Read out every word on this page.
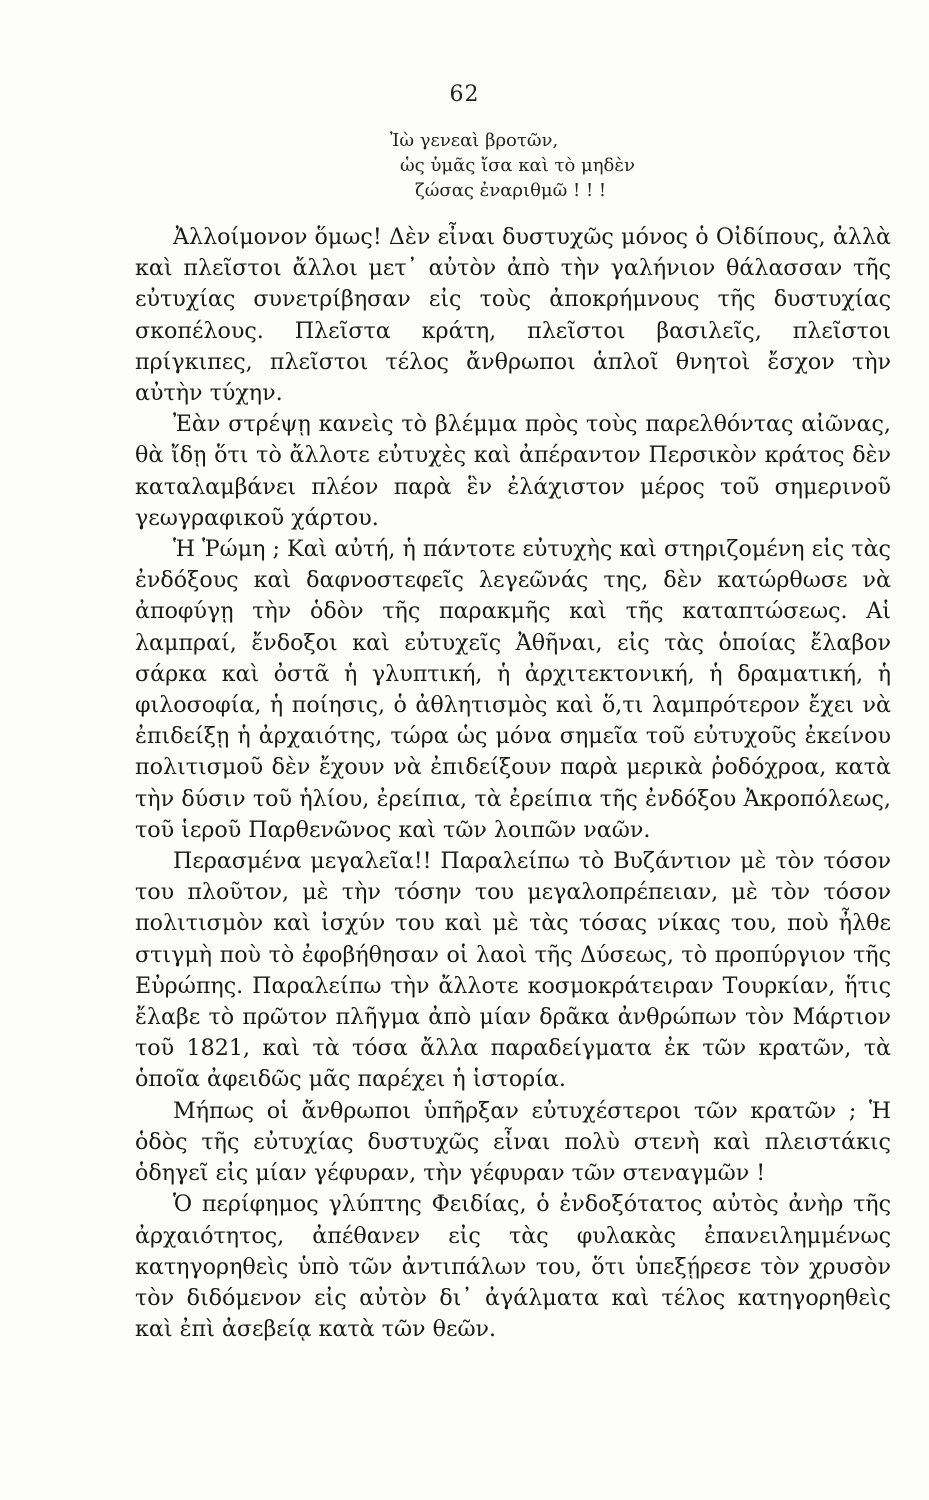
62
Ἰὼ γενεαὶ βροτῶν,
ὡς ὑμᾶς ἴσα καὶ τὸ μηδὲν
ζώσας ἐναριθμῶ ! ! !

Ἀλλοίμονον ὅμως! Δὲν εἶναι δυστυχῶς μόνος ὁ Οἰδίπους, ἀλλὰ καὶ πλεῖστοι ἄλλοι μετ᾿ αὐτὸν ἀπὸ τὴν γαλήνιον θάλασσαν τῆς εὐτυχίας συνετρίβησαν εἰς τοὺς ἀποκρήμνους τῆς δυστυχίας σκοπέλους. Πλεῖστα κράτη, πλεῖστοι βασιλεῖς, πλεῖστοι πρίγκιπες, πλεῖστοι τέλος ἄνθρωποι ἁπλοῖ θνητοὶ ἔσχον τὴν αὐτὴν τύχην.

Ἐὰν στρέψῃ κανεὶς τὸ βλέμμα πρὸς τοὺς παρελθόντας αἰῶνας, θὰ ἴδῃ ὅτι τὸ ἄλλοτε εὐτυχὲς καὶ ἀπέραντον Περσικὸν κράτος δὲν καταλαμβάνει πλέον παρὰ ἓν ἐλάχιστον μέρος τοῦ σημερινοῦ γεωγραφικοῦ χάρτου.

Ἡ Ῥώμη ; Καὶ αὐτή, ἡ πάντοτε εὐτυχὴς καὶ στηριζομένη εἰς τὰς ἐνδόξους καὶ δαφνοστεφεῖς λεγεῶνάς της, δὲν κατώρθωσε νὰ ἀποφύγῃ τὴν ὁδὸν τῆς παρακμῆς καὶ τῆς καταπτώσεως. Αἱ λαμπραί, ἔνδοξοι καὶ εὐτυχεῖς Ἀθῆναι, εἰς τὰς ὁποίας ἔλαβον σάρκα καὶ ὀστᾶ ἡ γλυπτική, ἡ ἀρχιτεκτονική, ἡ δραματική, ἡ φιλοσοφία, ἡ ποίησις, ὁ ἀθλητισμὸς καὶ ὅ,τι λαμπρότερον ἔχει νὰ ἐπιδείξῃ ἡ ἀρχαιότης, τώρα ὡς μόνα σημεῖα τοῦ εὐτυχοῦς ἐκείνου πολιτισμοῦ δὲν ἔχουν νὰ ἐπιδείξουν παρὰ μερικὰ ῥοδόχροα, κατὰ τὴν δύσιν τοῦ ἡλίου, ἐρείπια, τὰ ἐρείπια τῆς ἐνδόξου Ἀκροπόλεως, τοῦ ἱεροῦ Παρθενῶνος καὶ τῶν λοιπῶν ναῶν.

Περασμένα μεγαλεῖα!! Παραλείπω τὸ Βυζάντιον μὲ τὸν τόσον του πλοῦτον, μὲ τὴν τόσην του μεγαλοπρέπειαν, μὲ τὸν τόσον πολιτισμὸν καὶ ἰσχύν του καὶ μὲ τὰς τόσας νίκας του, ποὺ ἦλθε στιγμὴ ποὺ τὸ ἐφοβήθησαν οἱ λαοὶ τῆς Δύσεως, τὸ προπύργιον τῆς Εὐρώπης. Παραλείπω τὴν ἄλλοτε κοσμοκράτειραν Τουρκίαν, ἥτις ἔλαβε τὸ πρῶτον πλῆγμα ἀπὸ μίαν δρᾶκα ἀνθρώπων τὸν Μάρτιον τοῦ 1821, καὶ τὰ τόσα ἄλλα παραδείγματα ἐκ τῶν κρατῶν, τὰ ὁποῖα ἀφειδῶς μᾶς παρέχει ἡ ἱστορία.

Μήπως οἱ ἄνθρωποι ὑπῆρξαν εὐτυχέστεροι τῶν κρατῶν ; Ἡ ὁδὸς τῆς εὐτυχίας δυστυχῶς εἶναι πολὺ στενὴ καὶ πλειστάκις ὁδηγεῖ εἰς μίαν γέφυραν, τὴν γέφυραν τῶν στεναγμῶν !

Ὁ περίφημος γλύπτης Φειδίας, ὁ ἐνδοξότατος αὐτὸς ἀνὴρ τῆς ἀρχαιότητος, ἀπέθανεν εἰς τὰς φυλακὰς ἐπανειλημμένως κατηγορηθεὶς ὑπὸ τῶν ἀντιπάλων του, ὅτι ὑπεξῄρεσε τὸν χρυσὸν τὸν διδόμενον εἰς αὐτὸν δι᾿ ἀγάλματα καὶ τέλος κατηγορηθεὶς καὶ ἐπὶ ἀσεβείᾳ κατὰ τῶν θεῶν.
